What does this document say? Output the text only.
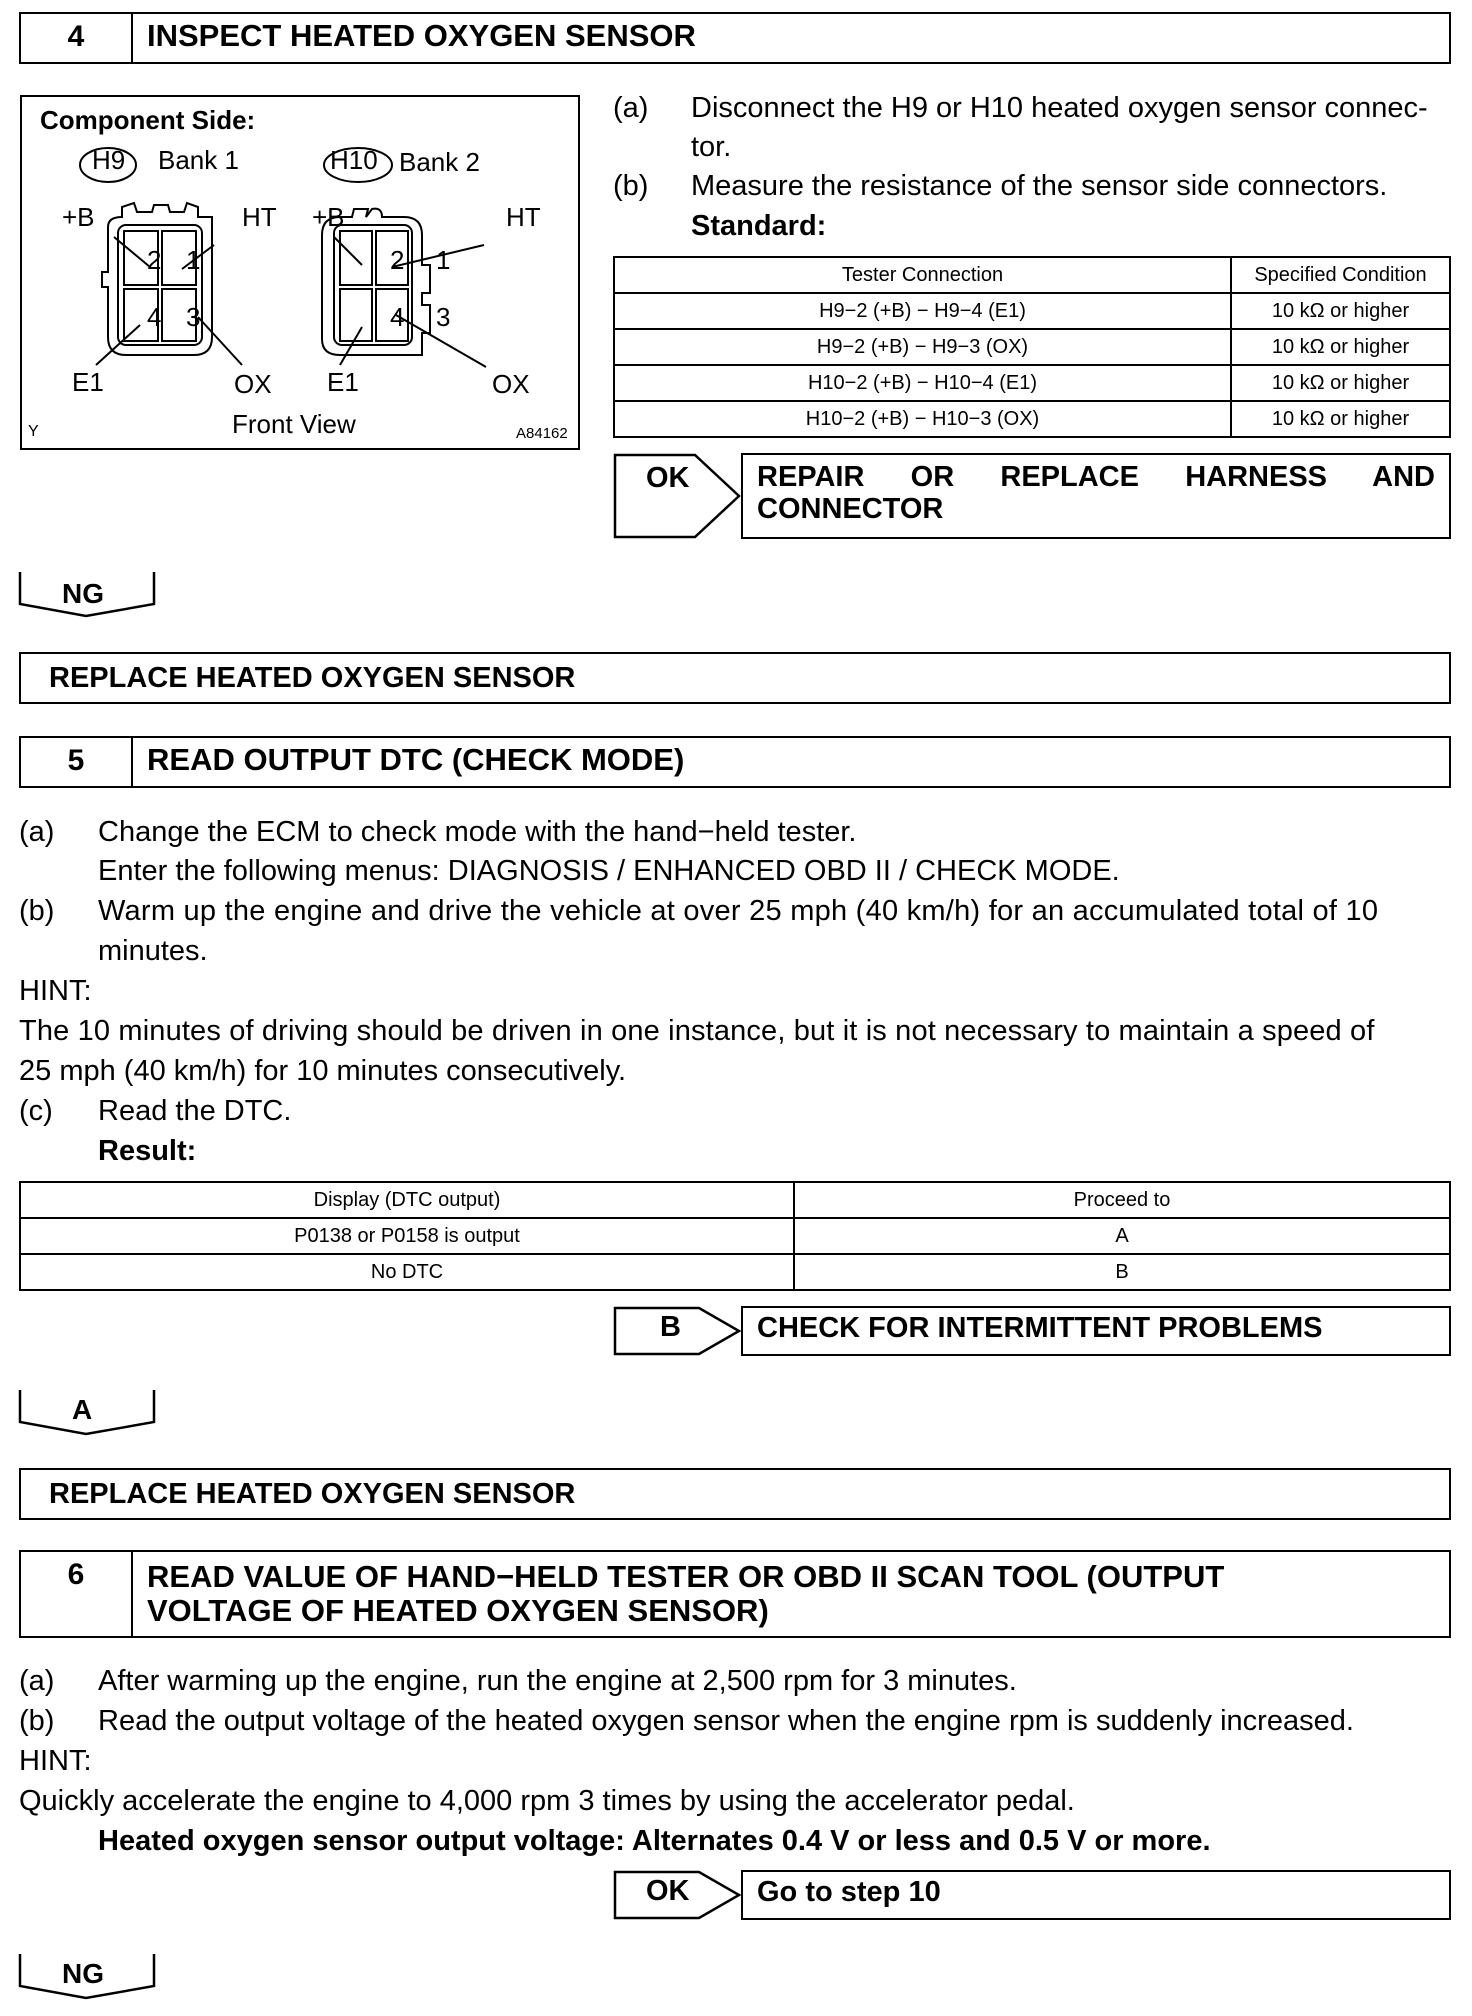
4	INSPECT HEATED OXYGEN SENSOR
Component Side:
H9 Bank 1	H10 Bank 2
+B	HT +B	HT
2 1
4 3
2 1
4 3
E1	OX E1	OX
Front View
Y	A84162
(a) Disconnect the H9 or H10 heated oxygen sensor connec-
tor.
(b) Measure the resistance of the sensor side connectors.
Standard:
Tester Connection	Specified Condition
H9−2 (+B) − H9−4 (E1)	10 kΩ or higher
H9−2 (+B) − H9−3 (OX)	10 kΩ or higher
H10−2 (+B) − H10−4 (E1)	10 kΩ or higher
H10−2 (+B) − H10−3 (OX)	10 kΩ or higher
OK REPAIR OR REPLACE HARNESS AND CONNECTOR
NG
REPLACE HEATED OXYGEN SENSOR
5	READ OUTPUT DTC (CHECK MODE)
(a) Change the ECM to check mode with the hand−held tester.
Enter the following menus: DIAGNOSIS / ENHANCED OBD II / CHECK MODE.
(b) Warm up the engine and drive the vehicle at over 25 mph (40 km/h) for an accumulated total of 10
minutes.
HINT:
The 10 minutes of driving should be driven in one instance, but it is not necessary to maintain a speed of
25 mph (40 km/h) for 10 minutes consecutively.
(c) Read the DTC.
Result:
Display (DTC output)	Proceed to
P0138 or P0158 is output	A
No DTC	B
B	CHECK FOR INTERMITTENT PROBLEMS
A
REPLACE HEATED OXYGEN SENSOR
6	READ VALUE OF HAND−HELD TESTER OR OBD II SCAN TOOL (OUTPUT
VOLTAGE OF HEATED OXYGEN SENSOR)
(a) After warming up the engine, run the engine at 2,500 rpm for 3 minutes.
(b) Read the output voltage of the heated oxygen sensor when the engine rpm is suddenly increased.
HINT:
Quickly accelerate the engine to 4,000 rpm 3 times by using the accelerator pedal.
Heated oxygen sensor output voltage: Alternates 0.4 V or less and 0.5 V or more.
OK	Go to step 10
NG
